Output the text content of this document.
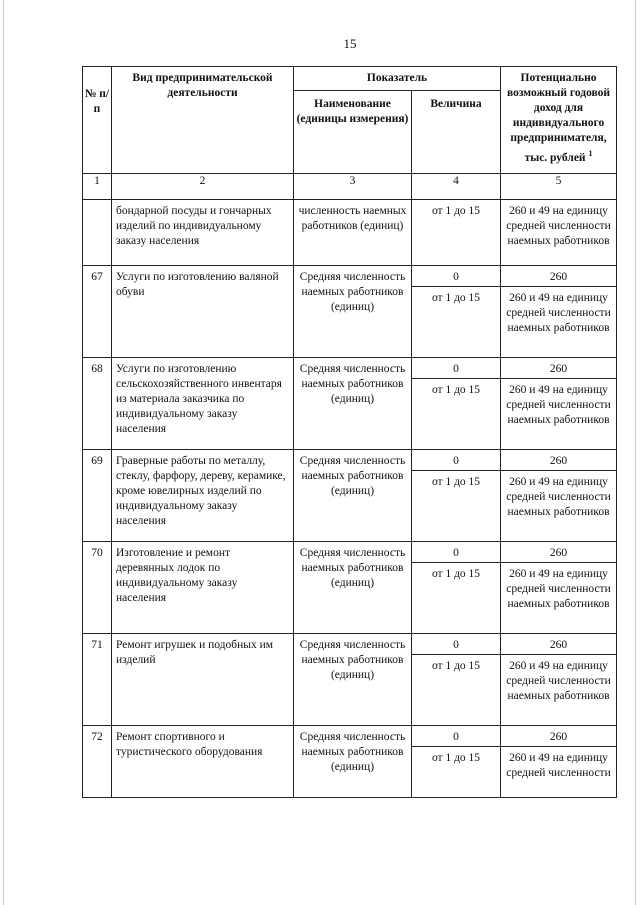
15
№ п/п	Вид предпринимательской деятельности	Показатель		Потенциально возможный годовой доход для индивидуального предпринимателя, тыс. рублей $^1$
		Наименование (единицы измерения)	Величина	
1	2	3	4	5
	бондарной посуды и гончарных изделий по индивидуальному заказу населения	численность наемных работников (единиц)	от 1 до 15	260 и 49 на единицу средней численности наемных работников
67	Услуги по изготовлению валяной обуви	Средняя численность наемных работников (единиц)	0	260
			от 1 до 15	260 и 49 на единицу средней численности наемных работников
68	Услуги по изготовлению сельскохозяйственного инвентаря из материала заказчика по индивидуальному заказу населения	Средняя численность наемных работников (единиц)	0	260
			от 1 до 15	260 и 49 на единицу средней численности наемных работников
69	Граверные работы по металлу, стеклу, фарфору, дереву, керамике, кроме ювелирных изделий по индивидуальному заказу населения	Средняя численность наемных работников (единиц)	0	260
			от 1 до 15	260 и 49 на единицу средней численности наемных работников
70	Изготовление и ремонт деревянных лодок по индивидуальному заказу населения	Средняя численность наемных работников (единиц)	0	260
			от 1 до 15	260 и 49 на единицу средней численности наемных работников
71	Ремонт игрушек и подобных им изделий	Средняя численность наемных работников (единиц)	0	260
			от 1 до 15	260 и 49 на единицу средней численности наемных работников
72	Ремонт спортивного и туристического оборудования	Средняя численность наемных работников (единиц)	0	260
			от 1 до 15	260 и 49 на единицу средней численности
